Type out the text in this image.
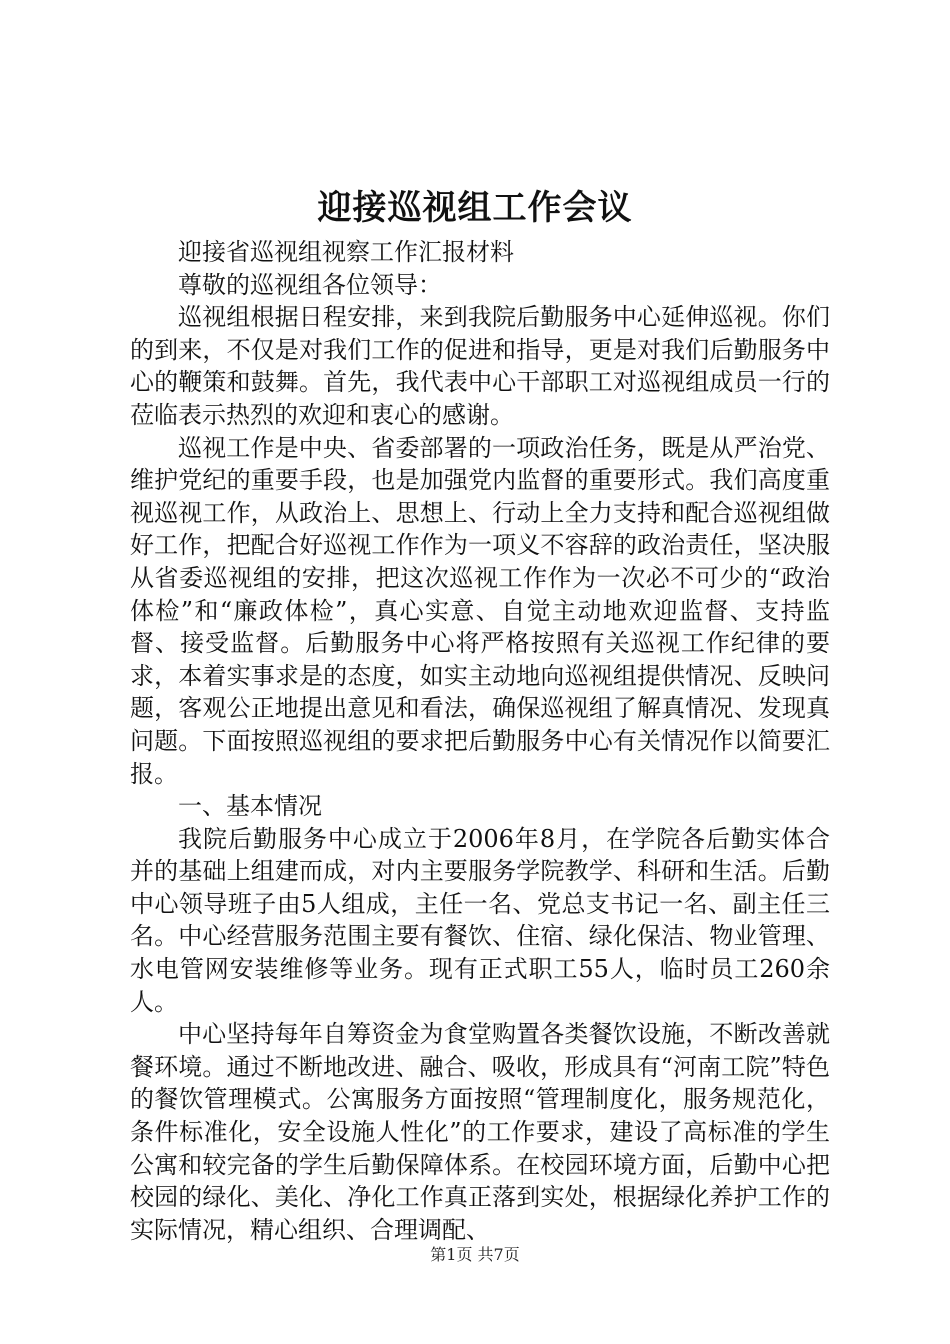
迎接巡视组工作会议

迎接省巡视组视察工作汇报材料

尊敬的巡视组各位领导：

巡视组根据日程安排，来到我院后勤服务中心延伸巡视。你们的到来，不仅是对我们工作的促进和指导，更是对我们后勤服务中心的鞭策和鼓舞。首先，我代表中心干部职工对巡视组成员一行的莅临表示热烈的欢迎和衷心的感谢。

巡视工作是中央、省委部署的一项政治任务，既是从严治党、维护党纪的重要手段，也是加强党内监督的重要形式。我们高度重视巡视工作，从政治上、思想上、行动上全力支持和配合巡视组做好工作，把配合好巡视工作作为一项义不容辞的政治责任，坚决服从省委巡视组的安排，把这次巡视工作作为一次必不可少的“政治体检”和“廉政体检”，真心实意、自觉主动地欢迎监督、支持监督、接受监督。后勤服务中心将严格按照有关巡视工作纪律的要求，本着实事求是的态度，如实主动地向巡视组提供情况、反映问题，客观公正地提出意见和看法，确保巡视组了解真情况、发现真问题。下面按照巡视组的要求把后勤服务中心有关情况作以简要汇报。

一、基本情况

我院后勤服务中心成立于2006年8月，在学院各后勤实体合并的基础上组建而成，对内主要服务学院教学、科研和生活。后勤中心领导班子由5人组成，主任一名、党总支书记一名、副主任三名。中心经营服务范围主要有餐饮、住宿、绿化保洁、物业管理、水电管网安装维修等业务。现有正式职工55人，临时员工260余人。

中心坚持每年自筹资金为食堂购置各类餐饮设施，不断改善就餐环境。通过不断地改进、融合、吸收，形成具有“河南工院”特色的餐饮管理模式。公寓服务方面按照“管理制度化，服务规范化，条件标准化，安全设施人性化”的工作要求，建设了高标准的学生公寓和较完备的学生后勤保障体系。在校园环境方面，后勤中心把校园的绿化、美化、净化工作真正落到实处，根据绿化养护工作的实际情况，精心组织、合理调配、

第1页 共7页
